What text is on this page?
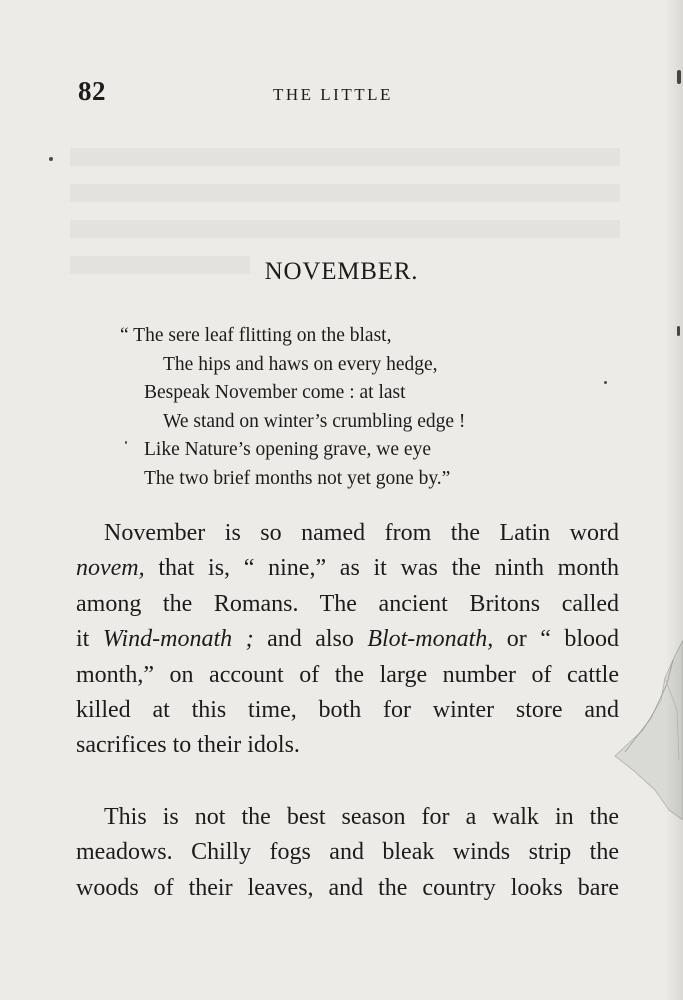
82	THE LITTLE
NOVEMBER.
“ The sere leaf flitting on the blast,
The hips and haws on every hedge,
Bespeak November come : at last
We stand on winter’s crumbling edge !
Like Nature’s opening grave, we eye
The two brief months not yet gone by.”
November is so named from the Latin word
novem, that is, “ nine,” as it was the ninth month
among the Romans. The ancient Britons called
it Wind-monath ; and also Blot-monath, or “ blood
month,” on account of the large number of cattle
killed at this time, both for winter store and
sacrifices to their idols.
This is not the best season for a walk in the
meadows. Chilly fogs and bleak winds strip the
woods of their leaves, and the country looks bare
